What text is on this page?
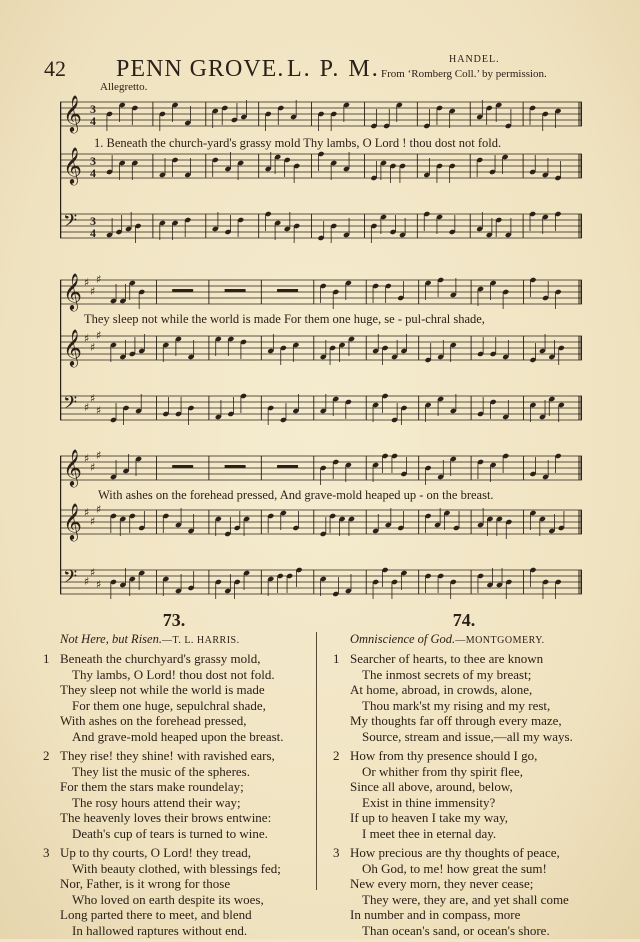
42 PENN GROVE. L. P. M.	HANDEL.
From ‘Romberg Coll.’ by permission.
Allegretto.
𝄞 3
4
𝄞 3
4
𝄢 3
4
1. Beneath the church-yard's grassy mold Thy lambs, O Lord ! thou dost not fold.
𝄞 ♯
♯
♯
𝄞 ♯
♯
♯
𝄢 ♯
♯
♯
They sleep not while the world is made For them one huge, se - pul-chral shade,
𝄞 ♯
♯
♯
𝄞 ♯
♯
♯
𝄢 ♯
♯
♯
With ashes on the forehead pressed, And grave-mold heaped up - on the breast.
73.
Not Here, but Risen.—T. L. HARRIS.
1 Beneath the churchyard's grassy mold,
Thy lambs, O Lord! thou dost not fold.
They sleep not while the world is made
For them one huge, sepulchral shade,
With ashes on the forehead pressed,
And grave-mold heaped upon the breast.
2 They rise! they shine! with ravished ears,
They list the music of the spheres.
For them the stars make roundelay;
The rosy hours attend their way;
The heavenly loves their brows entwine:
Death's cup of tears is turned to wine.
3 Up to thy courts, O Lord! they tread,
With beauty clothed, with blessings fed;
Nor, Father, is it wrong for those
Who loved on earth despite its woes,
Long parted there to meet, and blend
In hallowed raptures without end.
74.
Omniscience of God.—MONTGOMERY.
1 Searcher of hearts, to thee are known
The inmost secrets of my breast;
At home, abroad, in crowds, alone,
Thou mark'st my rising and my rest,
My thoughts far off through every maze,
Source, stream and issue,—all my ways.
2 How from thy presence should I go,
Or whither from thy spirit flee,
Since all above, around, below,
Exist in thine immensity?
If up to heaven I take my way,
I meet thee in eternal day.
3 How precious are thy thoughts of peace,
Oh God, to me! how great the sum!
New every morn, they never cease;
They were, they are, and yet shall come
In number and in compass, more
Than ocean's sand, or ocean's shore.
